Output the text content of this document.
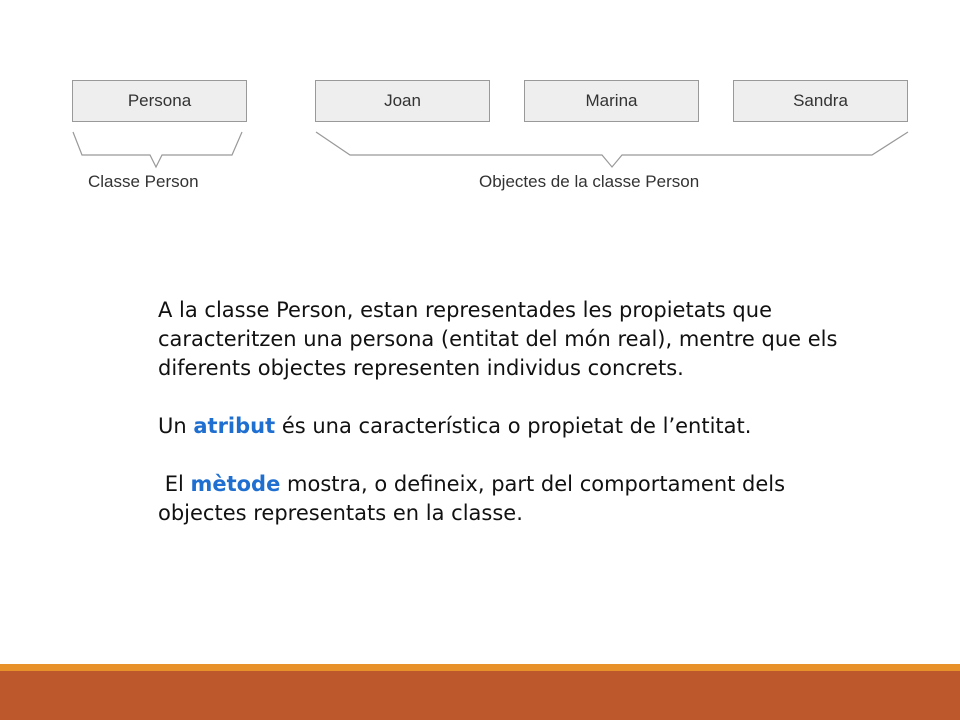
Persona	Joan	Marina	Sandra
Classe Person	Objectes de la classe Person

A la classe Person, estan representades les propietats que caracteritzen una persona (entitat del món real), mentre que els diferents objectes representen individus concrets.

Un atribut és una característica o propietat de l’entitat.

El mètode mostra, o defineix, part del comportament dels objectes representats en la classe.
